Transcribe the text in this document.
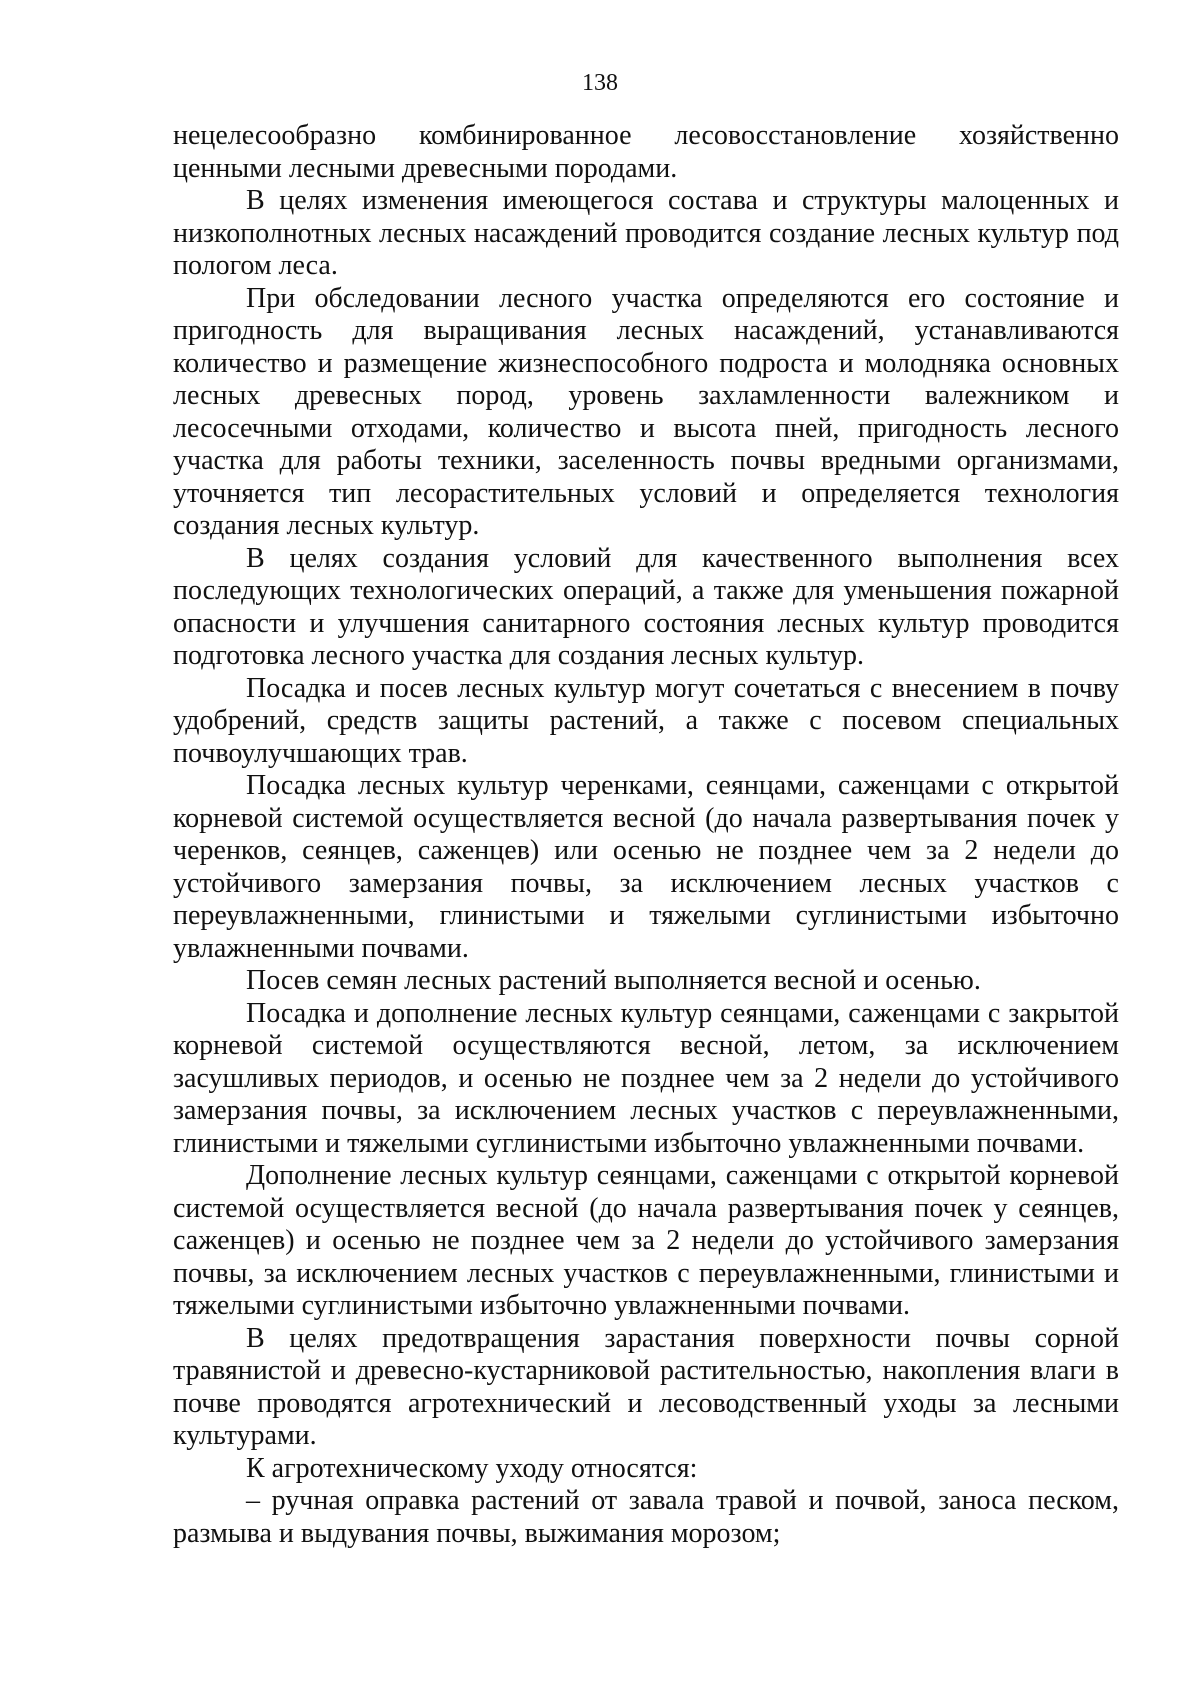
138

нецелесообразно комбинированное лесовосстановление хозяйственно ценными лесными древесными породами.

В целях изменения имеющегося состава и структуры малоценных и низкополнотных лесных насаждений проводится создание лесных культур под пологом леса.

При обследовании лесного участка определяются его состояние и пригодность для выращивания лесных насаждений, устанавливаются количество и размещение жизнеспособного подроста и молодняка основных лесных древесных пород, уровень захламленности валежником и лесосечными отходами, количество и высота пней, пригодность лесного участка для работы техники, заселенность почвы вредными организмами, уточняется тип лесорастительных условий и определяется технология создания лесных культур.

В целях создания условий для качественного выполнения всех последующих технологических операций, а также для уменьшения пожарной опасности и улучшения санитарного состояния лесных культур проводится подготовка лесного участка для создания лесных культур.

Посадка и посев лесных культур могут сочетаться с внесением в почву удобрений, средств защиты растений, а также с посевом специальных почвоулучшающих трав.

Посадка лесных культур черенками, сеянцами, саженцами с открытой корневой системой осуществляется весной (до начала развертывания почек у черенков, сеянцев, саженцев) или осенью не позднее чем за 2 недели до устойчивого замерзания почвы, за исключением лесных участков с переувлажненными, глинистыми и тяжелыми суглинистыми избыточно увлажненными почвами.

Посев семян лесных растений выполняется весной и осенью.

Посадка и дополнение лесных культур сеянцами, саженцами с закрытой корневой системой осуществляются весной, летом, за исключением засушливых периодов, и осенью не позднее чем за 2 недели до устойчивого замерзания почвы, за исключением лесных участков с переувлажненными, глинистыми и тяжелыми суглинистыми избыточно увлажненными почвами.

Дополнение лесных культур сеянцами, саженцами с открытой корневой системой осуществляется весной (до начала развертывания почек у сеянцев, саженцев) и осенью не позднее чем за 2 недели до устойчивого замерзания почвы, за исключением лесных участков с переувлажненными, глинистыми и тяжелыми суглинистыми избыточно увлажненными почвами.

В целях предотвращения зарастания поверхности почвы сорной травянистой и древесно-кустарниковой растительностью, накопления влаги в почве проводятся агротехнический и лесоводственный уходы за лесными культурами.

К агротехническому уходу относятся:

– ручная оправка растений от завала травой и почвой, заноса песком, размыва и выдувания почвы, выжимания морозом;
